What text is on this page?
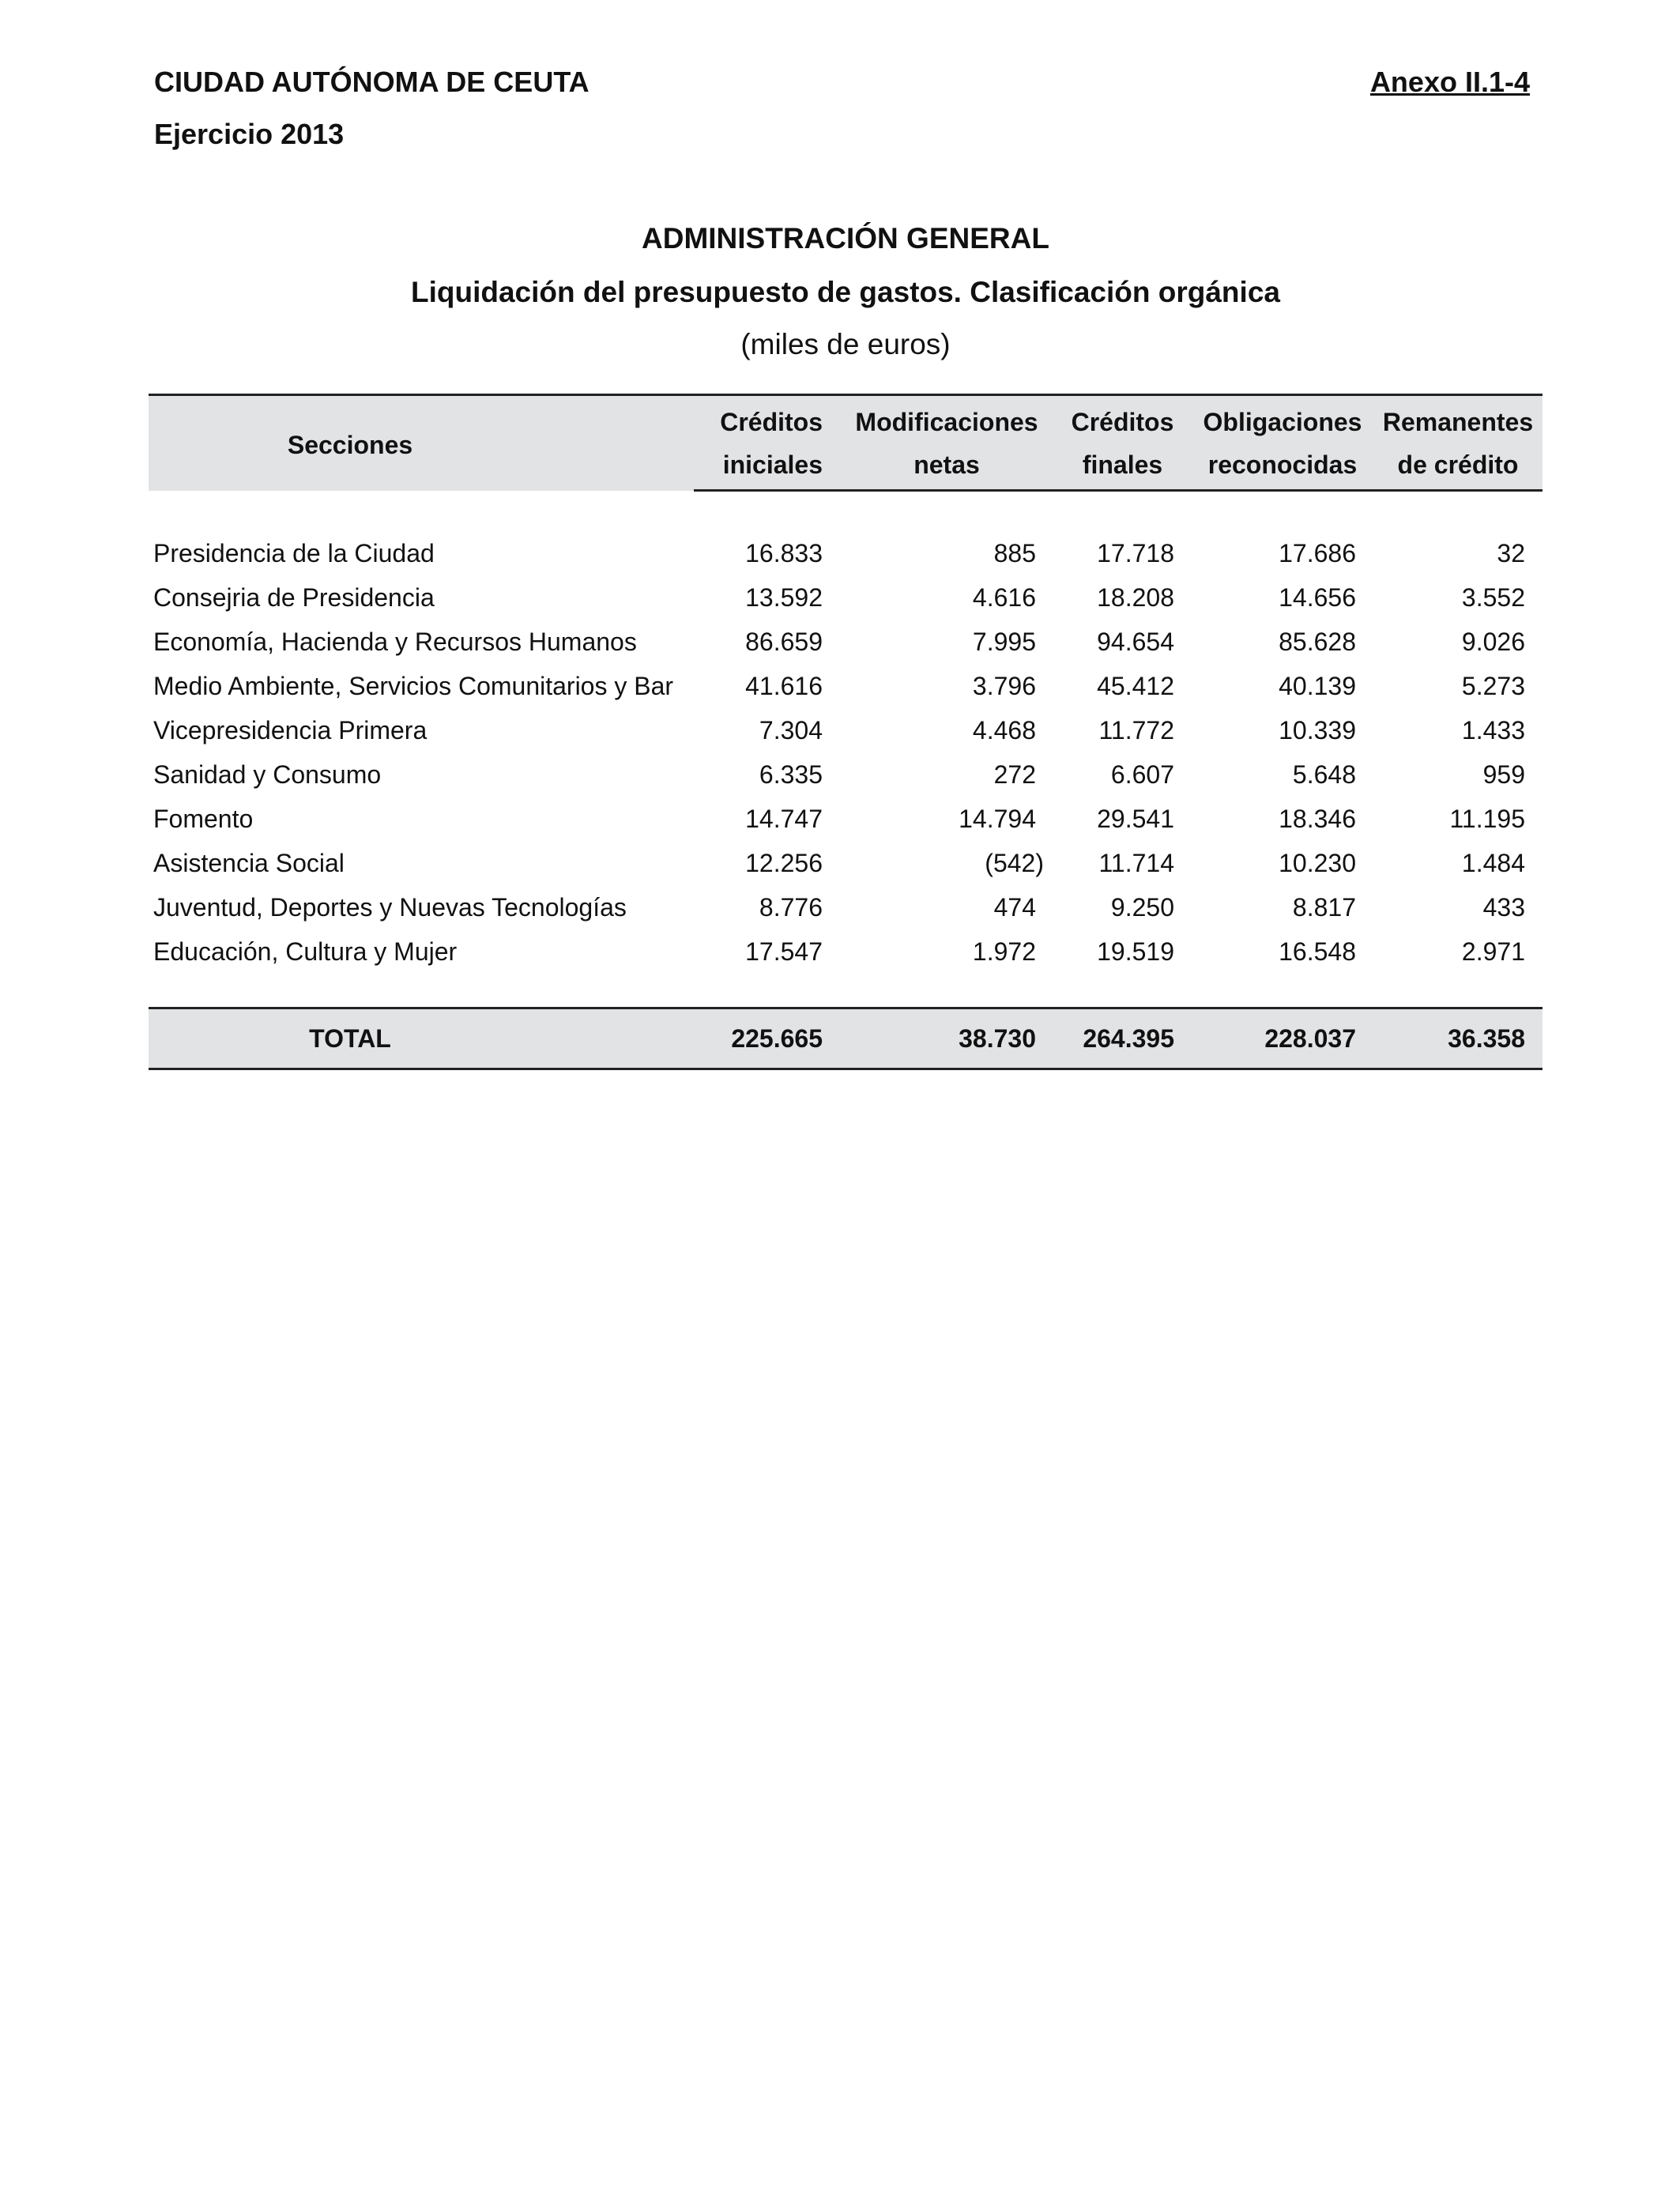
CIUDAD AUTÓNOMA DE CEUTA
Ejercicio 2013
Anexo II.1-4
ADMINISTRACIÓN GENERAL
Liquidación del presupuesto de gastos. Clasificación orgánica
(miles de euros)
Secciones	Créditos	Modificaciones	Créditos	Obligaciones	Remanentes
	iniciales	netas	finales	reconocidas	de crédito

Presidencia de la Ciudad	16.833	885	17.718	17.686	32
Consejria de Presidencia	13.592	4.616	18.208	14.656	3.552
Economía, Hacienda y Recursos Humanos	86.659	7.995	94.654	85.628	9.026
Medio Ambiente, Servicios Comunitarios y Bar	41.616	3.796	45.412	40.139	5.273
Vicepresidencia Primera	7.304	4.468	11.772	10.339	1.433
Sanidad y Consumo	6.335	272	6.607	5.648	959
Fomento	14.747	14.794	29.541	18.346	11.195
Asistencia Social	12.256	(542)	11.714	10.230	1.484
Juventud, Deportes y Nuevas Tecnologías	8.776	474	9.250	8.817	433
Educación, Cultura y Mujer	17.547	1.972	19.519	16.548	2.971

TOTAL	225.665	38.730	264.395	228.037	36.358
